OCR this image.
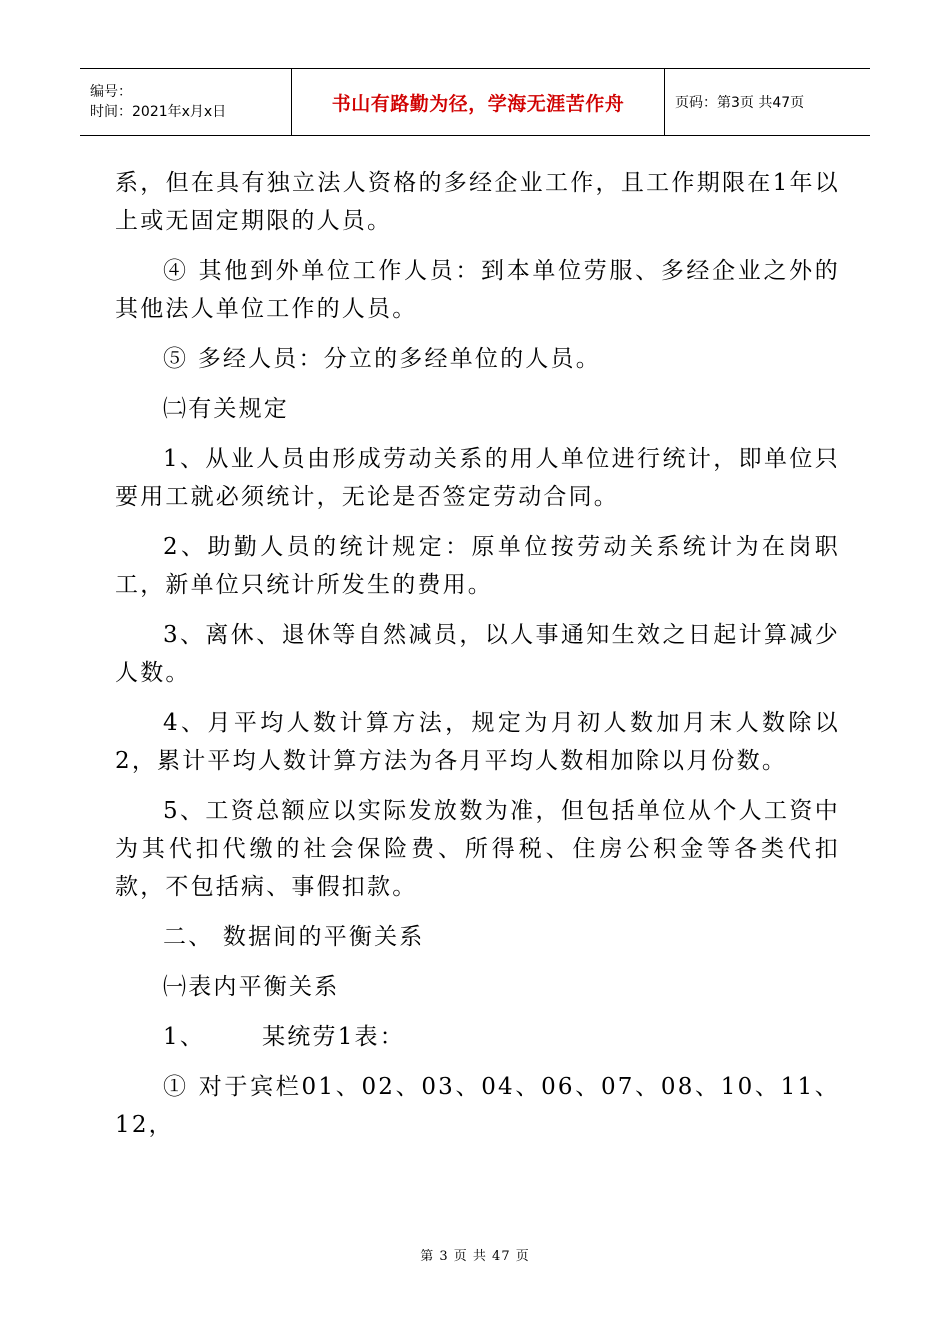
编号：
时间：2021年x月x日	书山有路勤为径，学海无涯苦作舟	页码：第3页 共47页

系，但在具有独立法人资格的多经企业工作，且工作期限在1年以上或无固定期限的人员。

④ 其他到外单位工作人员：到本单位劳服、多经企业之外的其他法人单位工作的人员。

⑤ 多经人员：分立的多经单位的人员。

㈡有关规定

1、从业人员由形成劳动关系的用人单位进行统计，即单位只要用工就必须统计，无论是否签定劳动合同。

2、助勤人员的统计规定：原单位按劳动关系统计为在岗职工，新单位只统计所发生的费用。

3、离休、退休等自然减员，以人事通知生效之日起计算减少人数。

4、月平均人数计算方法，规定为月初人数加月末人数除以2，累计平均人数计算方法为各月平均人数相加除以月份数。

5、工资总额应以实际发放数为准，但包括单位从个人工资中为其代扣代缴的社会保险费、所得税、住房公积金等各类代扣款，不包括病、事假扣款。

二、 数据间的平衡关系

㈠表内平衡关系

1、      某统劳1表：

① 对于宾栏01、02、03、04、06、07、08、10、11、12，

第 3 页 共 47 页
